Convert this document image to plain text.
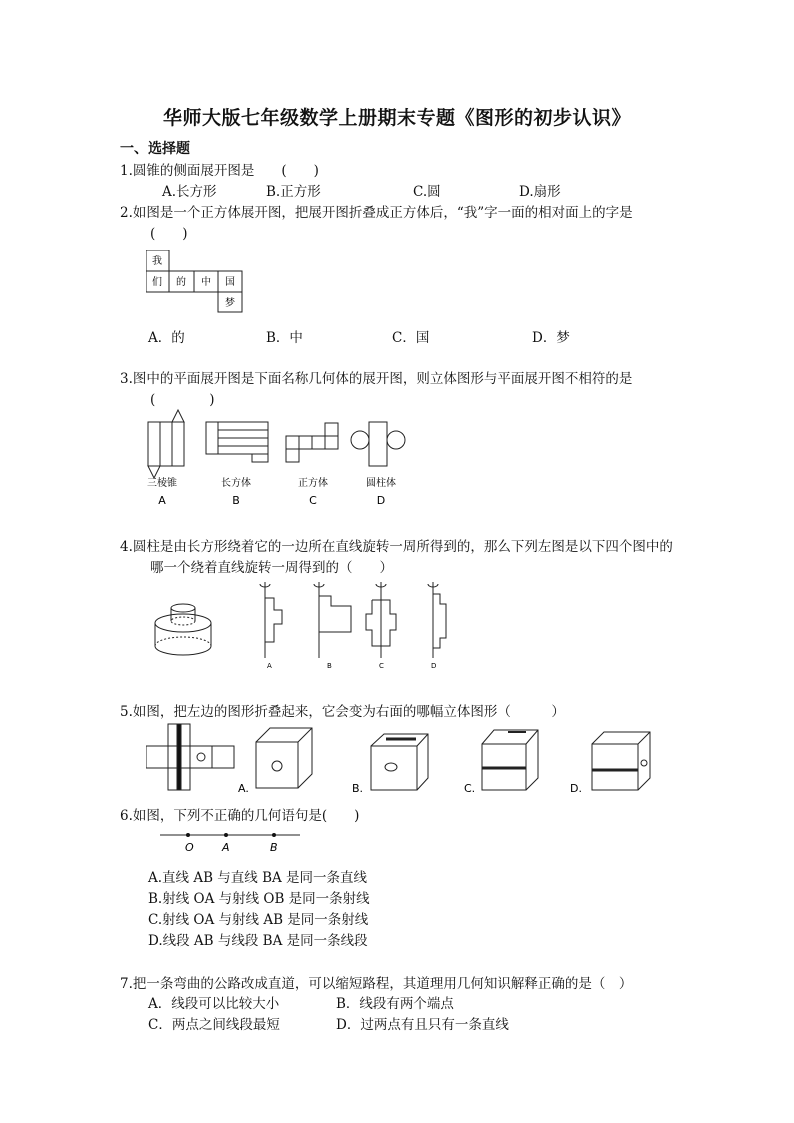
华师大版七年级数学上册期末专题《图形的初步认识》
一、选择题
1.圆锥的侧面展开图是　　(　　)
A.长方形	B.正方形	C.圆	D.扇形
2.如图是一个正方体展开图，把展开图折叠成正方体后，“我”字一面的相对面上的字是
(　　)
我
们 的 中 国
梦
A．的	B．中	C．国	D．梦
3.图中的平面展开图是下面名称几何体的展开图，则立体图形与平面展开图不相符的是
(　　　　)
三棱锥	长方体	正方体	圆柱体
A	B	C	D
4.圆柱是由长方形绕着它的一边所在直线旋转一周所得到的，那么下列左图是以下四个图中的
哪一个绕着直线旋转一周得到的（　　）
A	B	C	D
5.如图，把左边的图形折叠起来，它会变为右面的哪幅立体图形（　　　）
A.	B.	C.	D.
6.如图，下列不正确的几何语句是(　　)
O	A	B
A.直线 AB 与直线 BA 是同一条直线
B.射线 OA 与射线 OB 是同一条射线
C.射线 OA 与射线 AB 是同一条射线
D.线段 AB 与线段 BA 是同一条线段
7.把一条弯曲的公路改成直道，可以缩短路程，其道理用几何知识解释正确的是（　）
A．线段可以比较大小	B．线段有两个端点
C．两点之间线段最短	D．过两点有且只有一条直线
